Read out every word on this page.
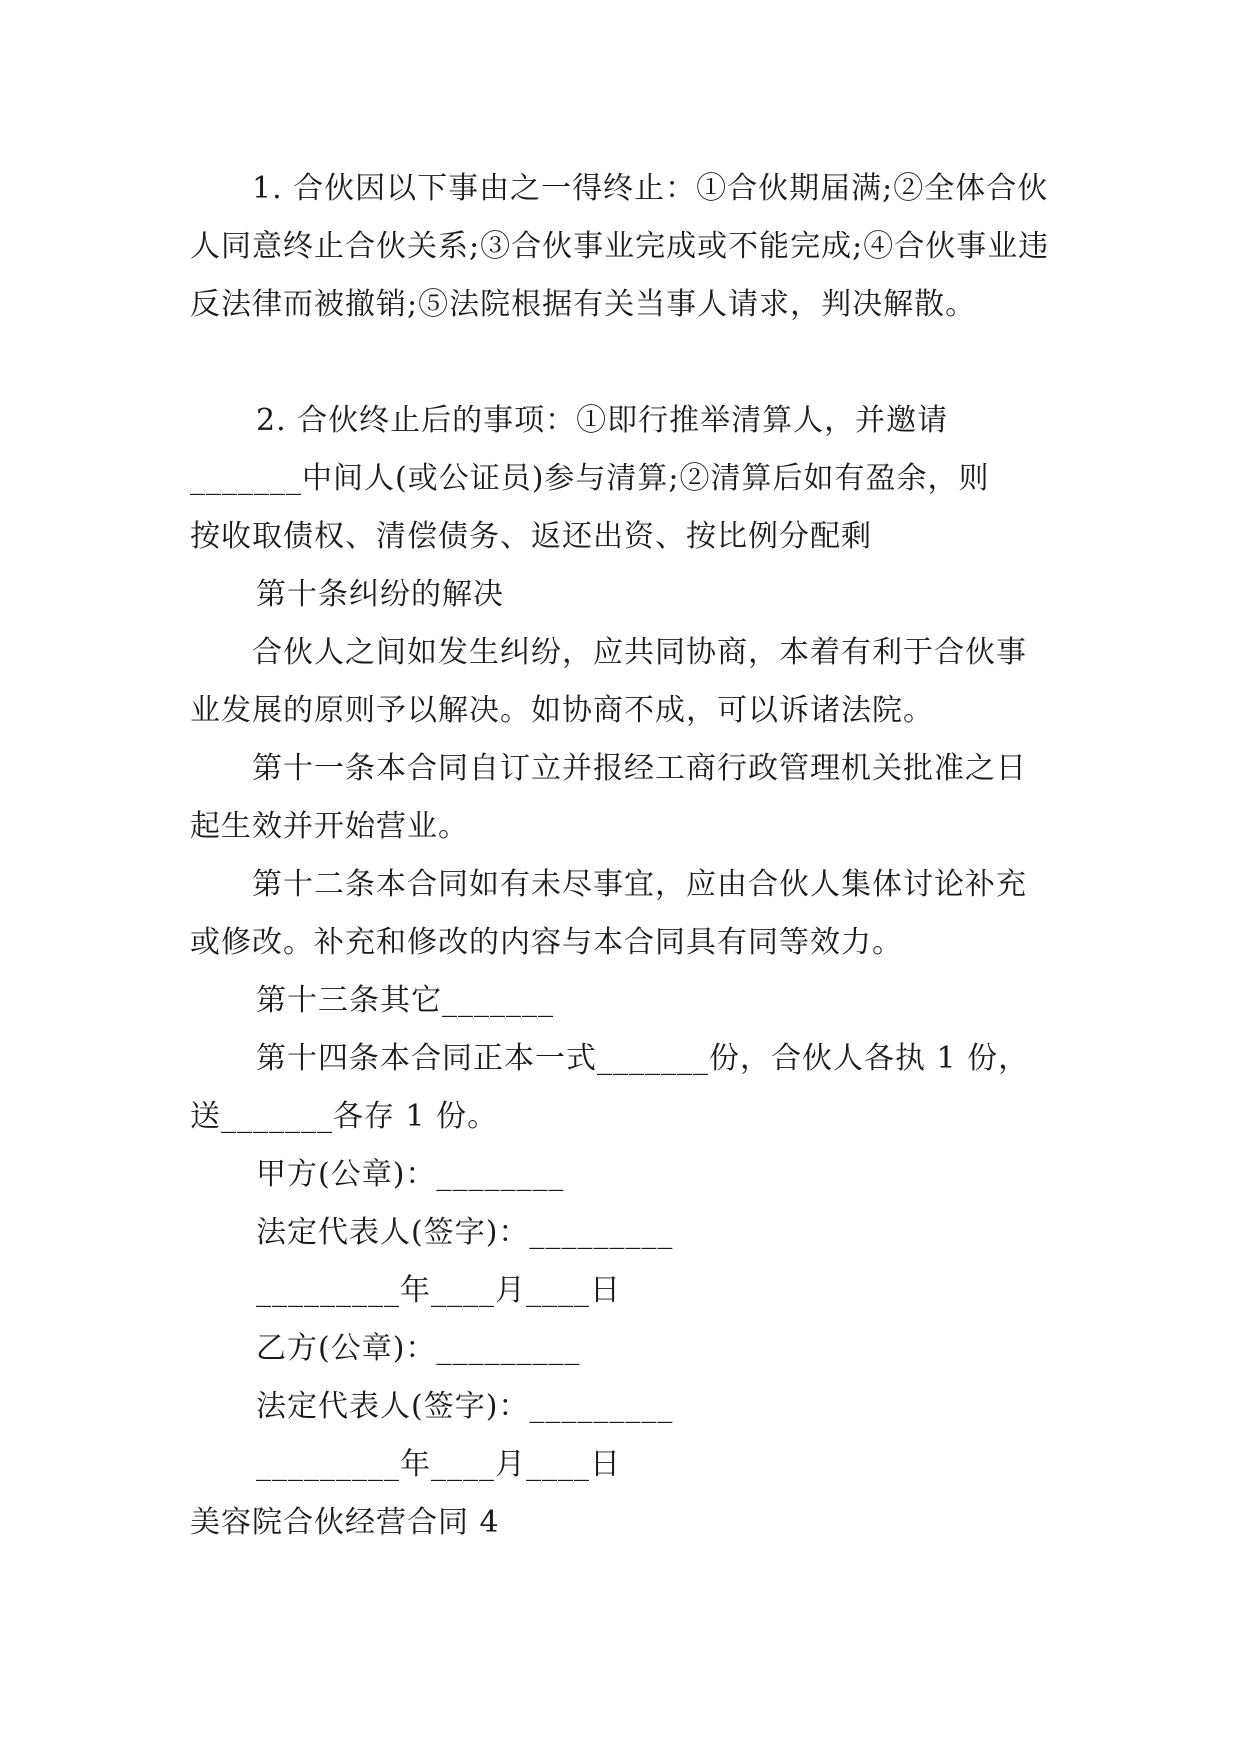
1. 合伙因以下事由之一得终止：①合伙期届满;②全体合伙人同意终止合伙关系;③合伙事业完成或不能完成;④合伙事业违反法律而被撤销;⑤法院根据有关当事人请求，判决解散。

2. 合伙终止后的事项：①即行推举清算人，并邀请

_______中间人(或公证员)参与清算;②清算后如有盈余，则

按收取债权、清偿债务、返还出资、按比例分配剩

第十条纠纷的解决

合伙人之间如发生纠纷，应共同协商，本着有利于合伙事业发展的原则予以解决。如协商不成，可以诉诸法院。

第十一条本合同自订立并报经工商行政管理机关批准之日起生效并开始营业。

第十二条本合同如有未尽事宜，应由合伙人集体讨论补充或修改。补充和修改的内容与本合同具有同等效力。

第十三条其它_______

第十四条本合同正本一式_______份，合伙人各执 1 份，

送_______各存 1 份。

甲方(公章)：________

法定代表人(签字)：_________

_________年____月____日

乙方(公章)：_________

法定代表人(签字)：_________

_________年____月____日

美容院合伙经营合同 4
